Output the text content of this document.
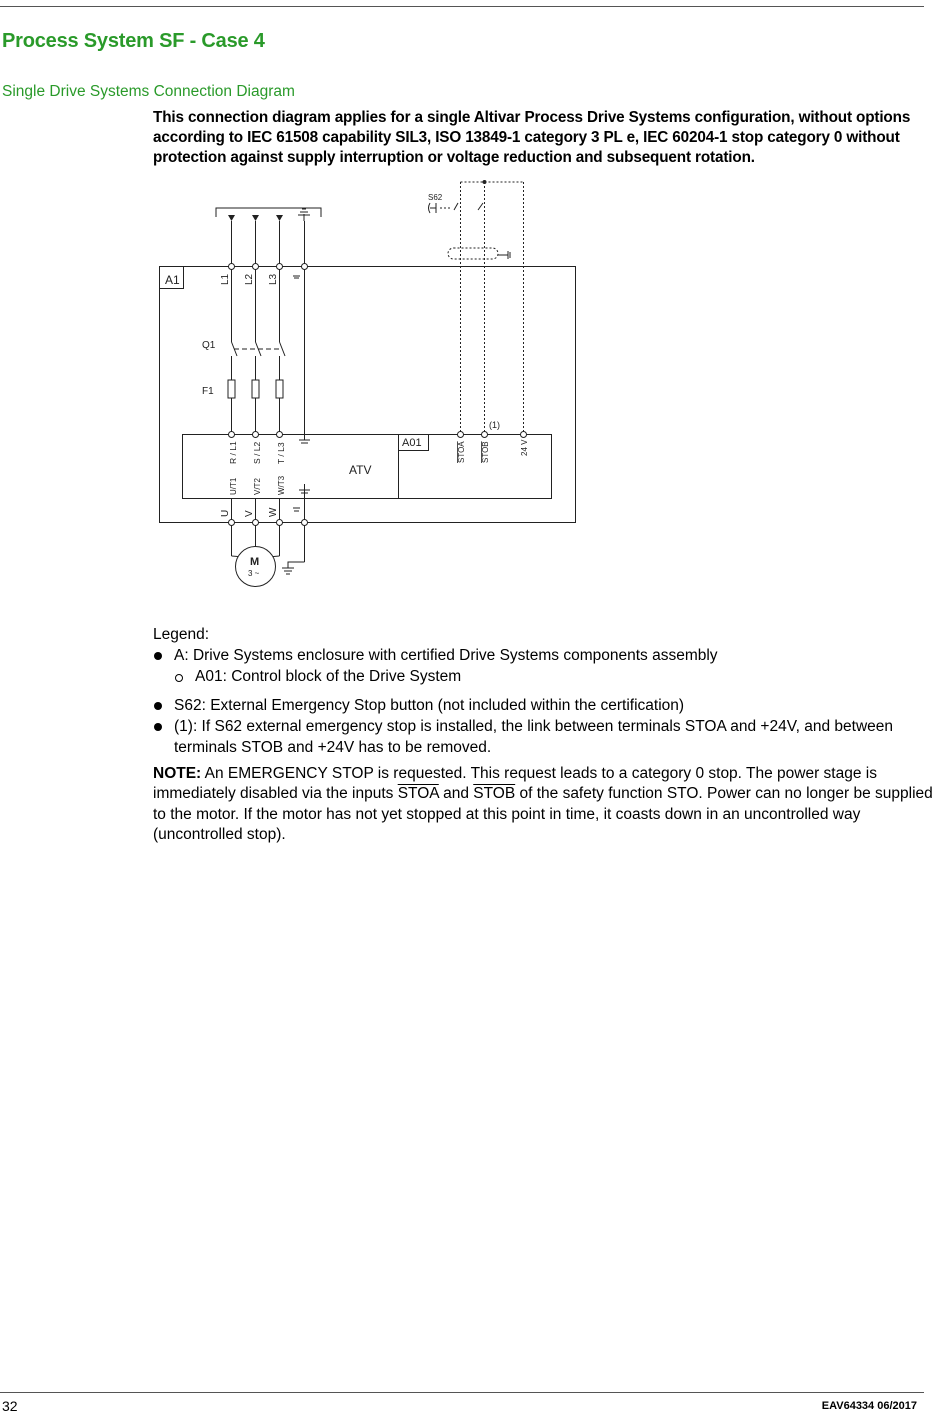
Process System SF - Case 4
Single Drive Systems Connection Diagram

This connection diagram applies for a single Altivar Process Drive Systems configuration, without options according to IEC 61508 capability SIL3, ISO 13849-1 category 3 PL e, IEC 60204-1 stop category 0 without protection against supply interruption or voltage reduction and subsequent rotation.

A1	L1 L2 L3
Q1
F1
A01
ATV
R / L1 S / L2 T / L3
U/T1 V/T2 W/T3
U V W
M
3 ~
S62
(1)
STOA STOB	24 V

Legend:

A: Drive Systems enclosure with certified Drive Systems components assembly
A01: Control block of the Drive System
S62: External Emergency Stop button (not included within the certification)
(1): If S62 external emergency stop is installed, the link between terminals STOA and +24V, and between terminals STOB and +24V has to be removed.

NOTE: An EMERGENCY STOP is requested. This request leads to a category 0 stop. The power stage is immediately disabled via the inputs STOA and STOB of the safety function STO. Power can no longer be supplied to the motor. If the motor has not yet stopped at this point in time, it coasts down in an uncontrolled way (uncontrolled stop).

32	EAV64334 06/2017
